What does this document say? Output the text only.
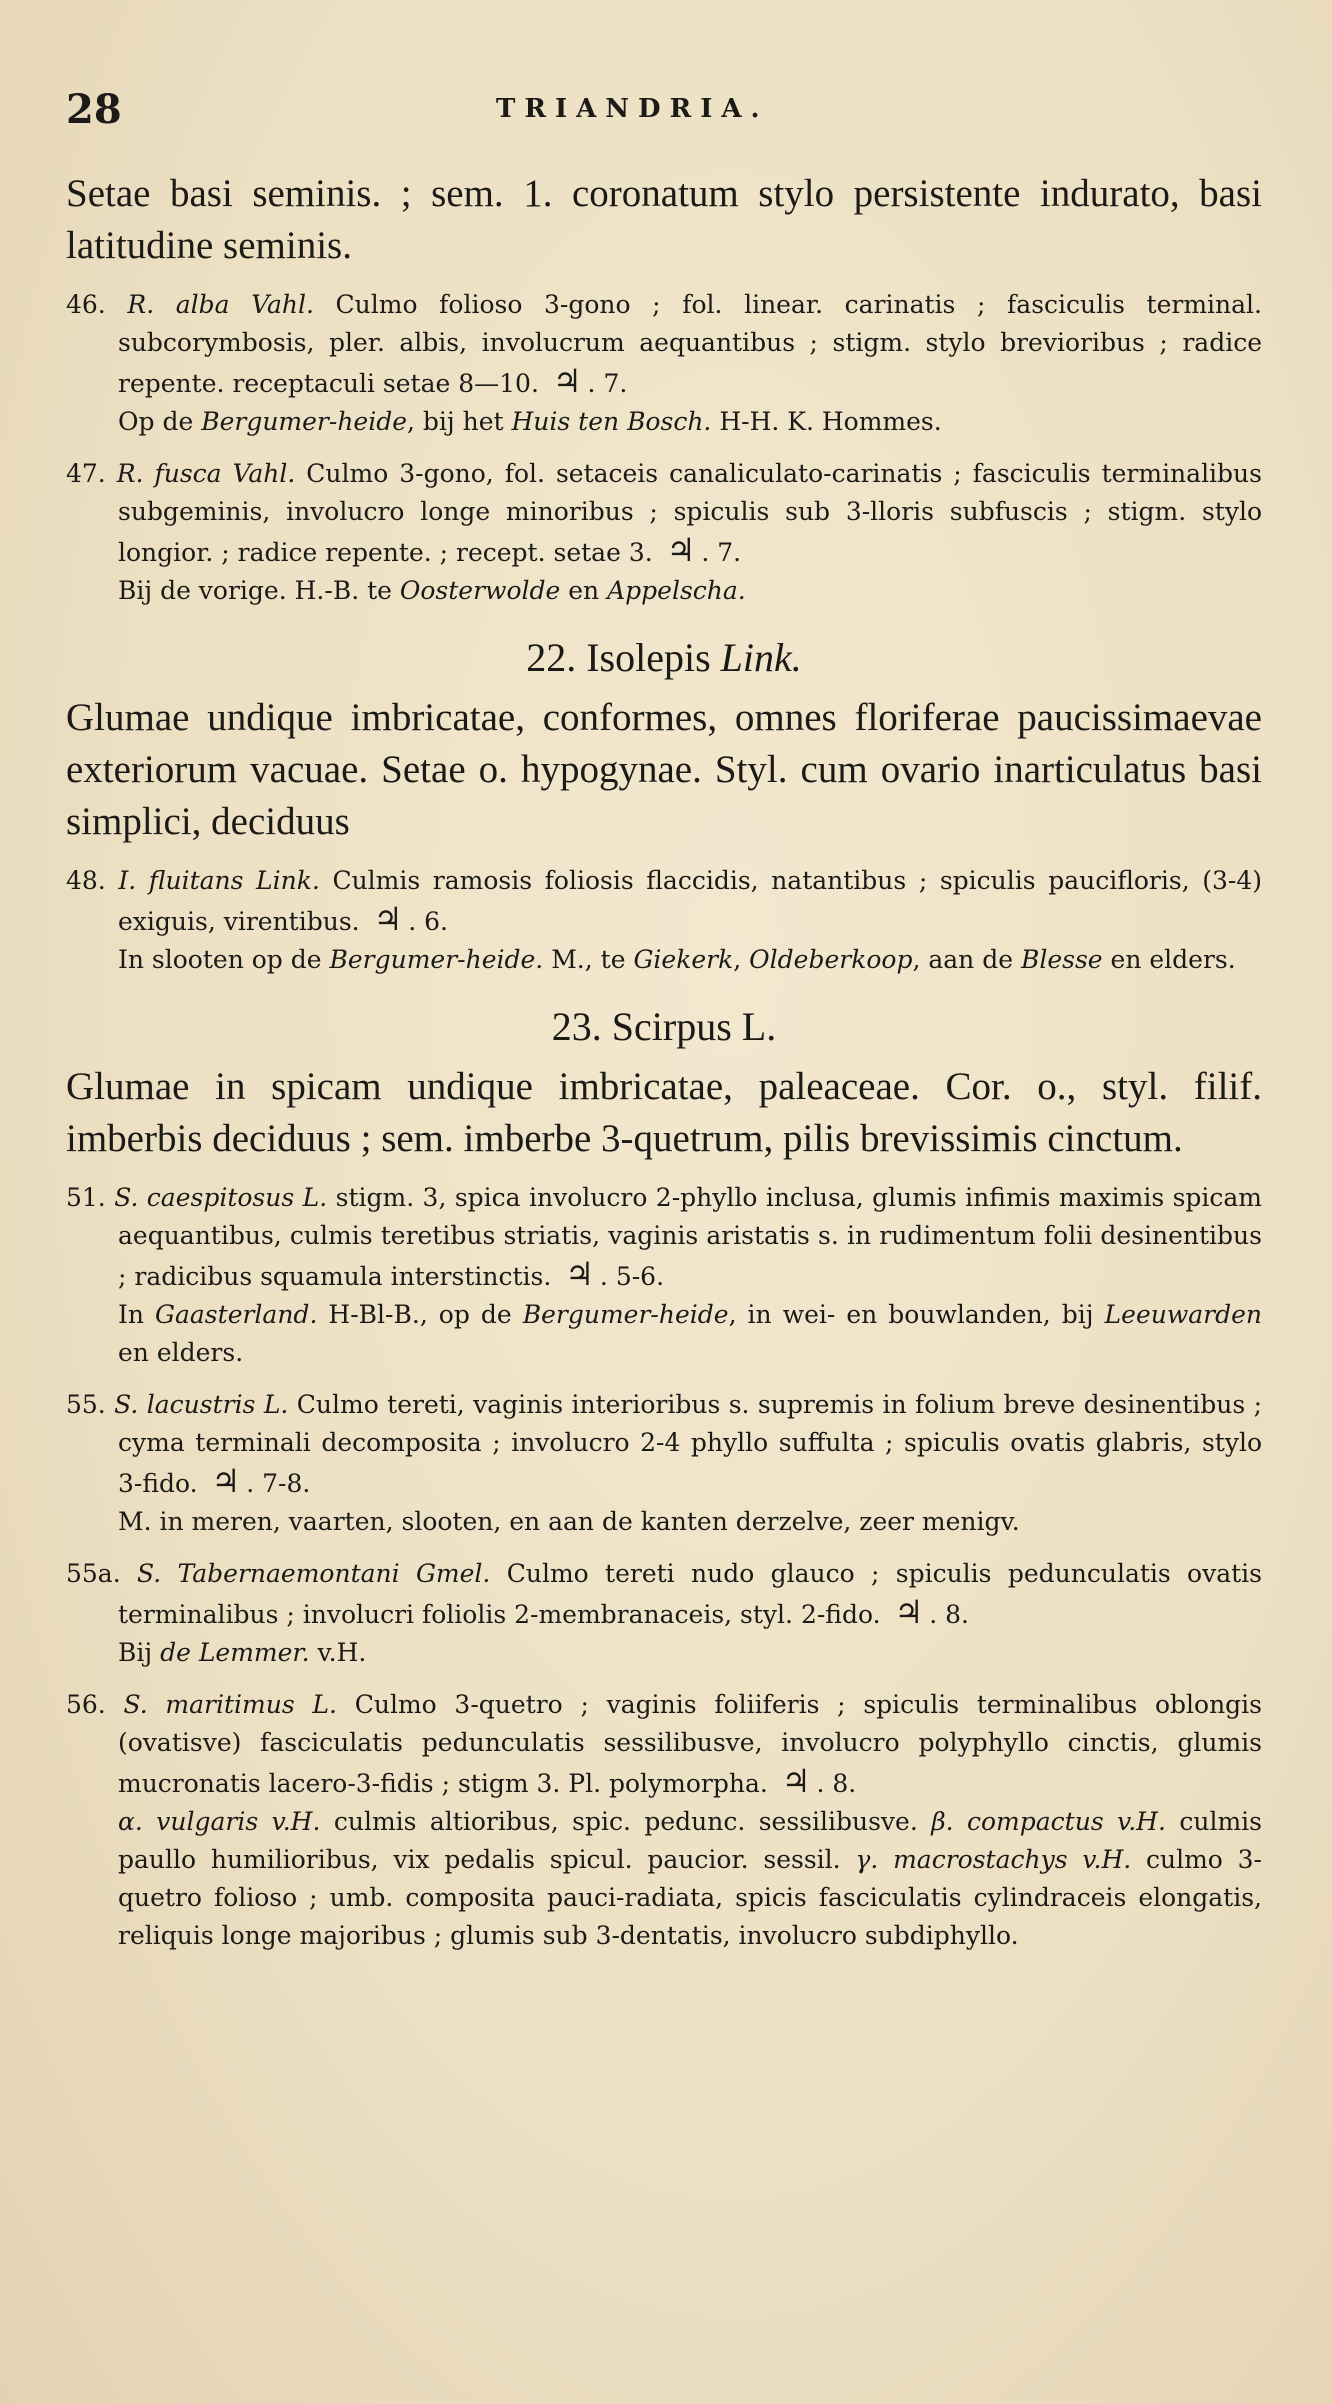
28	TRIANDRIA.
Setae basi seminis. ; sem. 1. coronatum stylo persistente indurato, basi latitudine seminis.
46. R. alba Vahl. Culmo folioso 3-gono ; fol. linear. carinatis ; fasciculis terminal. subcorymbosis, pler. albis, involucrum aequantibus ; stigm. stylo brevioribus ; radice repente. receptaculi setae 8—10. ♃ . 7.
Op de Bergumer-heide, bij het Huis ten Bosch. H-H. K. Hommes.
47. R. fusca Vahl. Culmo 3-gono, fol. setaceis canaliculato-carinatis ; fasciculis terminalibus subgeminis, involucro longe minoribus ; spiculis sub 3-lloris subfuscis ; stigm. stylo longior. ; radice repente. ; recept. setae 3. ♃ . 7.
Bij de vorige. H.-B. te Oosterwolde en Appelscha.
22. Isolepis Link.
Glumae undique imbricatae, conformes, omnes floriferae paucissimaevae exteriorum vacuae. Setae o. hypogynae. Styl. cum ovario inarticulatus basi simplici, deciduus
48. I. fluitans Link. Culmis ramosis foliosis flaccidis, natantibus ; spiculis paucifloris, (3-4) exiguis, virentibus. ♃ . 6.
In slooten op de Bergumer-heide. M., te Giekerk, Oldeberkoop, aan de Blesse en elders.
23. Scirpus L.
Glumae in spicam undique imbricatae, paleaceae. Cor. o., styl. filif. imberbis deciduus ; sem. imberbe 3-quetrum, pilis brevissimis cinctum.
51. S. caespitosus L. stigm. 3, spica involucro 2-phyllo inclusa, glumis infimis maximis spicam aequantibus, culmis teretibus striatis, vaginis aristatis s. in rudimentum folii desinentibus ; radicibus squamula interstinctis. ♃ . 5-6.
In Gaasterland. H-Bl-B., op de Bergumer-heide, in wei- en bouwlanden, bij Leeuwarden en elders.
55. S. lacustris L. Culmo tereti, vaginis interioribus s. supremis in folium breve desinentibus ; cyma terminali decomposita ; involucro 2-4 phyllo suffulta ; spiculis ovatis glabris, stylo 3-fido. ♃ . 7-8.
M. in meren, vaarten, slooten, en aan de kanten derzelve, zeer menigv.
55a. S. Tabernaemontani Gmel. Culmo tereti nudo glauco ; spiculis pedunculatis ovatis terminalibus ; involucri foliolis 2-membranaceis, styl. 2-fido. ♃ . 8.
Bij de Lemmer. v.H.
56. S. maritimus L. Culmo 3-quetro ; vaginis foliiferis ; spiculis terminalibus oblongis (ovatisve) fasciculatis pedunculatis sessilibusve, involucro polyphyllo cinctis, glumis mucronatis lacero-3-fidis ; stigm 3. Pl. polymorpha. ♃ . 8.
α. vulgaris v.H. culmis altioribus, spic. pedunc. sessilibusve. β. compactus v.H. culmis paullo humilioribus, vix pedalis spicul. paucior. sessil. γ. macrostachys v.H. culmo 3-quetro folioso ; umb. composita pauci-radiata, spicis fasciculatis cylindraceis elongatis, reliquis longe majoribus ; glumis sub 3-dentatis, involucro subdiphyllo.
